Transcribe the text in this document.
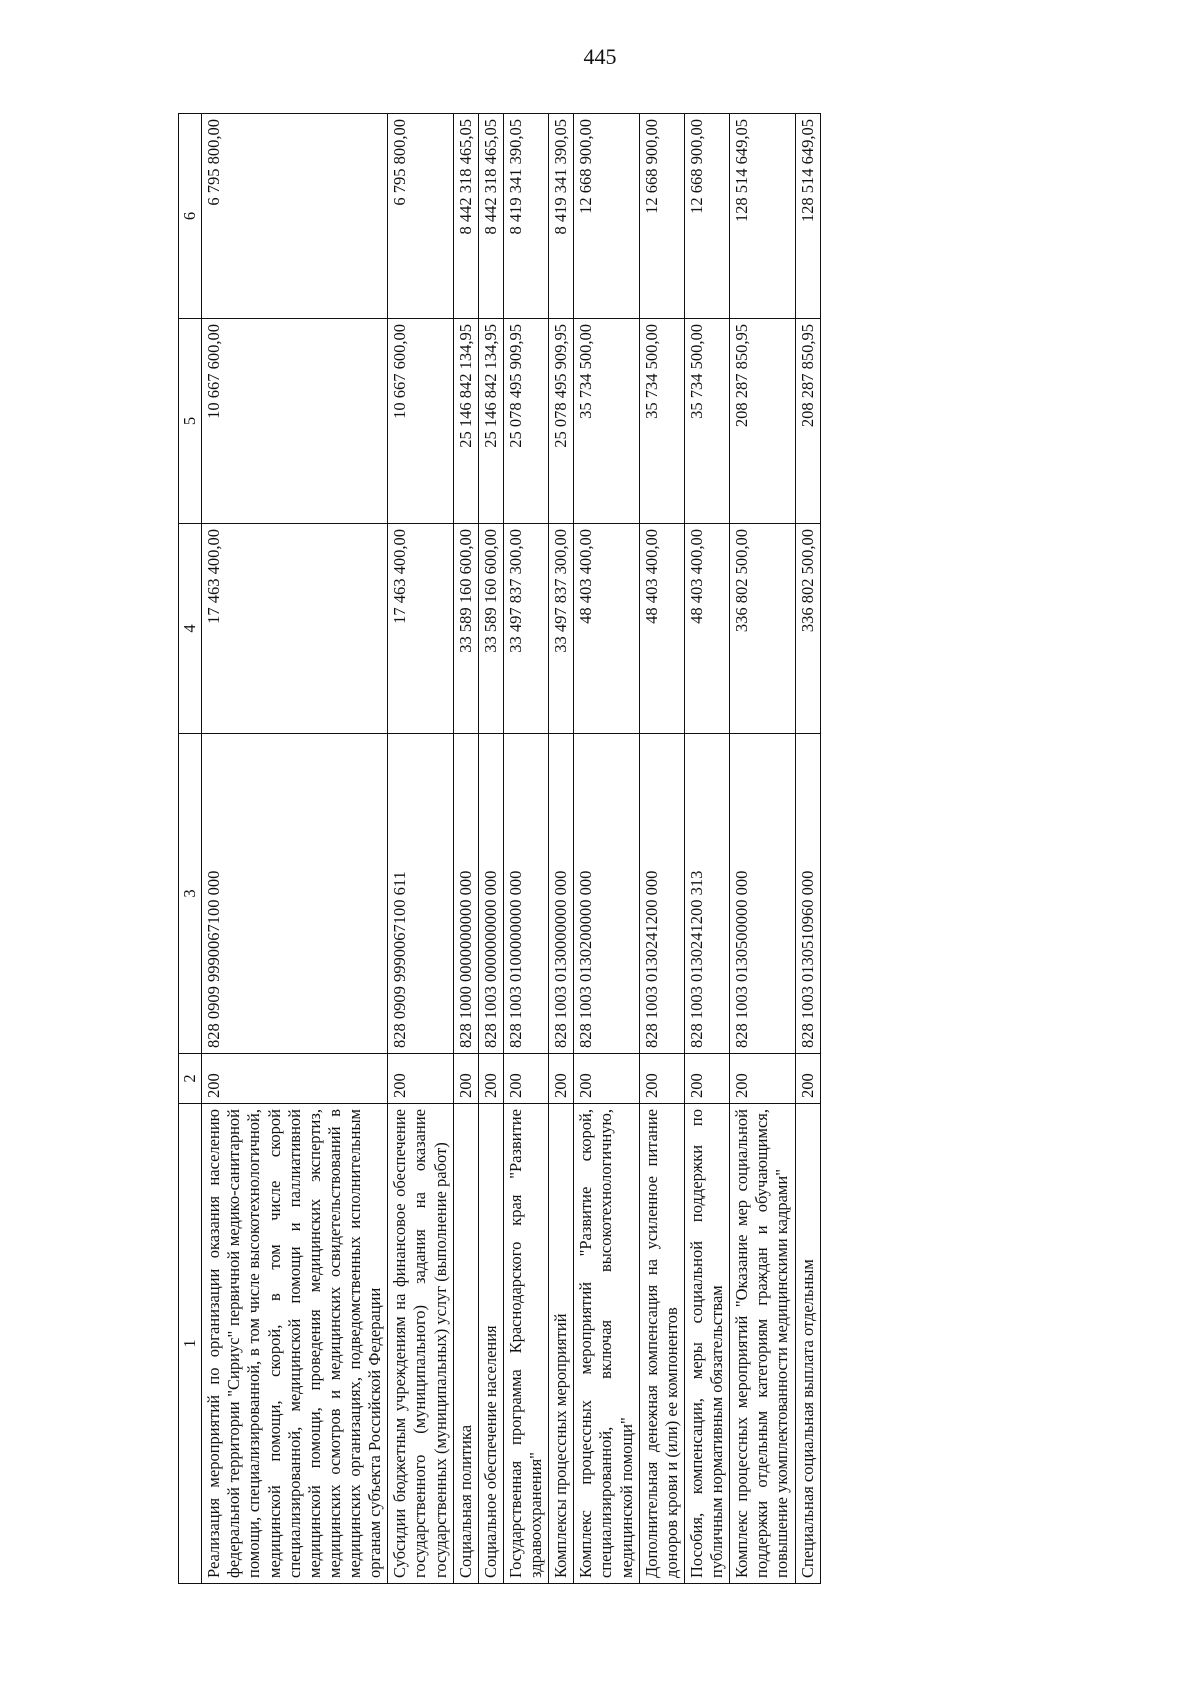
445
1	2	3	4	5	6
Реализация мероприятий по организации оказания населению федеральной территории "Сириус" первичной медико-санитарной помощи, специализированной, в том числе высокотехнологичной, медицинской помощи, скорой, в том числе скорой специализированной, медицинской помощи и паллиативной медицинской помощи, проведения медицинских экспертиз, медицинских осмотров и медицинских освидетельствований в медицинских организациях, подведомственных исполнительным органам субъекта Российской Федерации	200	828 0909 9990067100 000	17 463 400,00	10 667 600,00	6 795 800,00
Субсидии бюджетным учреждениям на финансовое обеспечение государственного (муниципального) задания на оказание государственных (муниципальных) услуг (выполнение работ)	200	828 0909 9990067100 611	17 463 400,00	10 667 600,00	6 795 800,00
Социальная политика	200	828 1000 0000000000 000	33 589 160 600,00	25 146 842 134,95	8 442 318 465,05
Социальное обеспечение населения	200	828 1003 0000000000 000	33 589 160 600,00	25 146 842 134,95	8 442 318 465,05
Государственная программа Краснодарского края "Развитие здравоохранения"	200	828 1003 0100000000 000	33 497 837 300,00	25 078 495 909,95	8 419 341 390,05
Комплексы процессных мероприятий	200	828 1003 0130000000 000	33 497 837 300,00	25 078 495 909,95	8 419 341 390,05
Комплекс процессных мероприятий "Развитие скорой, специализированной, включая высокотехнологичную, медицинской помощи"	200	828 1003 0130200000 000	48 403 400,00	35 734 500,00	12 668 900,00
Дополнительная денежная компенсация на усиленное питание доноров крови и (или) ее компонентов	200	828 1003 0130241200 000	48 403 400,00	35 734 500,00	12 668 900,00
Пособия, компенсации, меры социальной поддержки по публичным нормативным обязательствам	200	828 1003 0130241200 313	48 403 400,00	35 734 500,00	12 668 900,00
Комплекс процессных мероприятий "Оказание мер социальной поддержки отдельным категориям граждан и обучающимся, повышение укомплектованности медицинскими кадрами"	200	828 1003 0130500000 000	336 802 500,00	208 287 850,95	128 514 649,05
Специальная социальная выплата отдельным	200	828 1003 0130510960 000	336 802 500,00	208 287 850,95	128 514 649,05
